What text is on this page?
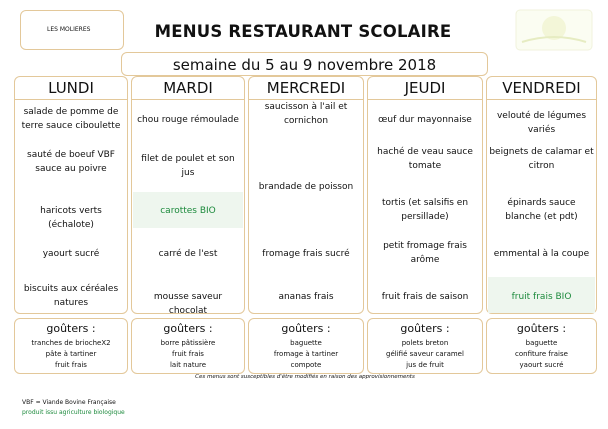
LES MOLIERES	MENUS RESTAURANT SCOLAIRE
semaine du 5 au 9 novembre 2018
LUNDI
salade de pomme de terre sauce ciboulette
sauté de boeuf VBF sauce au poivre
haricots verts (échalote)
yaourt sucré
biscuits aux céréales natures
MARDI
chou rouge rémoulade
filet de poulet et son jus
carottes BIO
carré de l'est
mousse saveur chocolat
MERCREDI
saucisson à l'ail et cornichon
brandade de poisson
fromage frais sucré
ananas frais
JEUDI
œuf dur mayonnaise
haché de veau sauce tomate
tortis (et salsifis en persillade)
petit fromage frais arôme
fruit frais de saison
VENDREDI
velouté de légumes variés
beignets de calamar et citron
épinards sauce blanche (et pdt)
emmental à la coupe
fruit frais BIO
goûters :
tranches de briocheX2
pâte à tartiner
fruit frais
goûters :
borre pâtissière
fruit frais
lait nature
goûters :
baguette
fromage à tartiner
compote
goûters :
polets breton
gélifié saveur caramel
jus de fruit
goûters :
baguette
confiture fraise
yaourt sucré
Ces menus sont susceptibles d'être modifiés en raison des approvisionnements
VBF = Viande Bovine Française
produit issu agriculture biologique
